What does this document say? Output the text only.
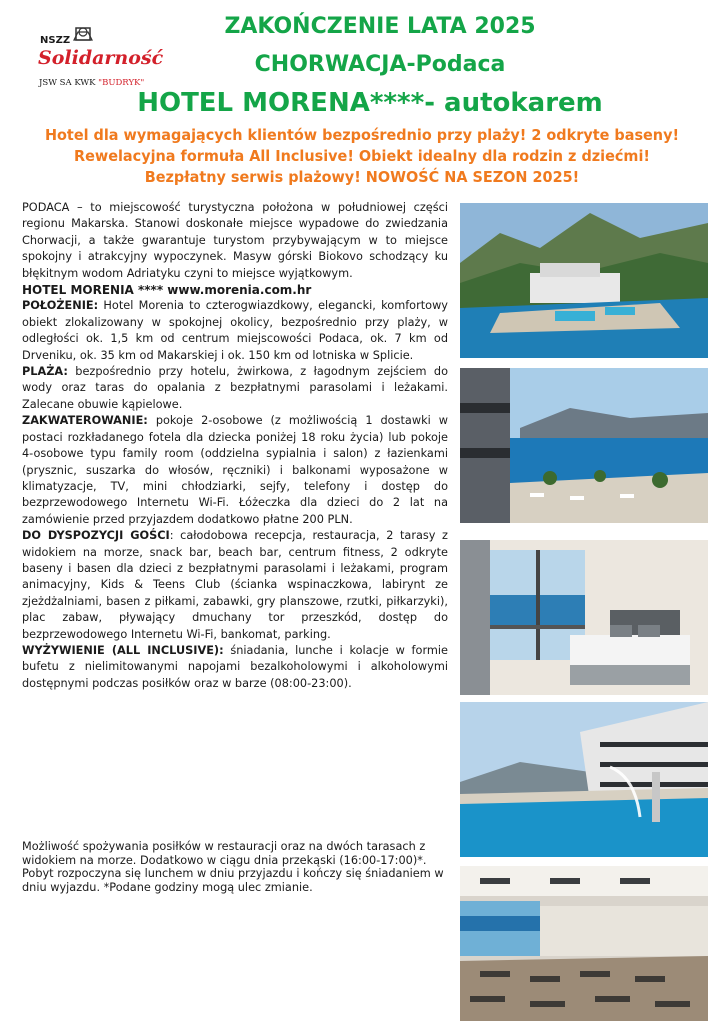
NSZZ
Solidarność
JSW SA KWK "BUDRYK"
ZAKOŃCZENIE LATA 2025
CHORWACJA-Podaca
HOTEL MORENA****- autokarem
Hotel dla wymagających klientów bezpośrednio przy plaży! 2 odkryte baseny!
Rewelacyjna formuła All Inclusive! Obiekt idealny dla rodzin z dziećmi!
Bezpłatny serwis plażowy! NOWOŚĆ NA SEZON 2025!

PODACA – to miejscowość turystyczna położona w południowej części regionu Makarska. Stanowi doskonałe miejsce wypadowe do zwiedzania Chorwacji, a także gwarantuje turystom przybywającym w to miejsce spokojny i atrakcyjny wypoczynek. Masyw górski Biokovo schodzący ku błękitnym wodom Adriatyku czyni to miejsce wyjątkowym.

HOTEL MORENIA **** www.morenia.com.hr

POŁOŻENIE: Hotel Morenia to czterogwiazdkowy, elegancki, komfortowy obiekt zlokalizowany w spokojnej okolicy, bezpośrednio przy plaży, w odległości ok. 1,5 km od centrum miejscowości Podaca, ok. 7 km od Drveniku, ok. 35 km od Makarskiej i ok. 150 km od lotniska w Splicie.

PLAŻA: bezpośrednio przy hotelu, żwirkowa, z łagodnym zejściem do wody oraz taras do opalania z bezpłatnymi parasolami i leżakami. Zalecane obuwie kąpielowe.

ZAKWATEROWANIE: pokoje 2-osobowe (z możliwością 1 dostawki w postaci rozkładanego fotela dla dziecka poniżej 18 roku życia) lub pokoje 4-osobowe typu family room (oddzielna sypialnia i salon) z łazienkami (prysznic, suszarka do włosów, ręczniki) i balkonami wyposażone w klimatyzacje, TV, mini chłodziarki, sejfy, telefony i dostęp do bezprzewodowego Internetu Wi-Fi. Łóżeczka dla dzieci do 2 lat na zamówienie przed przyjazdem dodatkowo płatne 200 PLN.

DO DYSPOZYCJI GOŚCI: całodobowa recepcja, restauracja, 2 tarasy z widokiem na morze, snack bar, beach bar, centrum fitness, 2 odkryte baseny i basen dla dzieci z bezpłatnymi parasolami i leżakami, program animacyjny, Kids & Teens Club (ścianka wspinaczkowa, labirynt ze zjeżdżalniami, basen z piłkami, zabawki, gry planszowe, rzutki, piłkarzyki), plac zabaw, pływający dmuchany tor przeszkód, dostęp do bezprzewodowego Internetu Wi-Fi, bankomat, parking.

WYŻYWIENIE (ALL INCLUSIVE): śniadania, lunche i kolacje w formie bufetu z nielimitowanymi napojami bezalkoholowymi i alkoholowymi dostępnymi podczas posiłków oraz w barze (08:00-23:00).

Możliwość spożywania posiłków w restauracji oraz na dwóch tarasach z widokiem na morze. Dodatkowo w ciągu dnia przekąski (16:00-17:00)*. Pobyt rozpoczyna się lunchem w dniu przyjazdu i kończy się śniadaniem w dniu wyjazdu. *Podane godziny mogą ulec zmianie.
